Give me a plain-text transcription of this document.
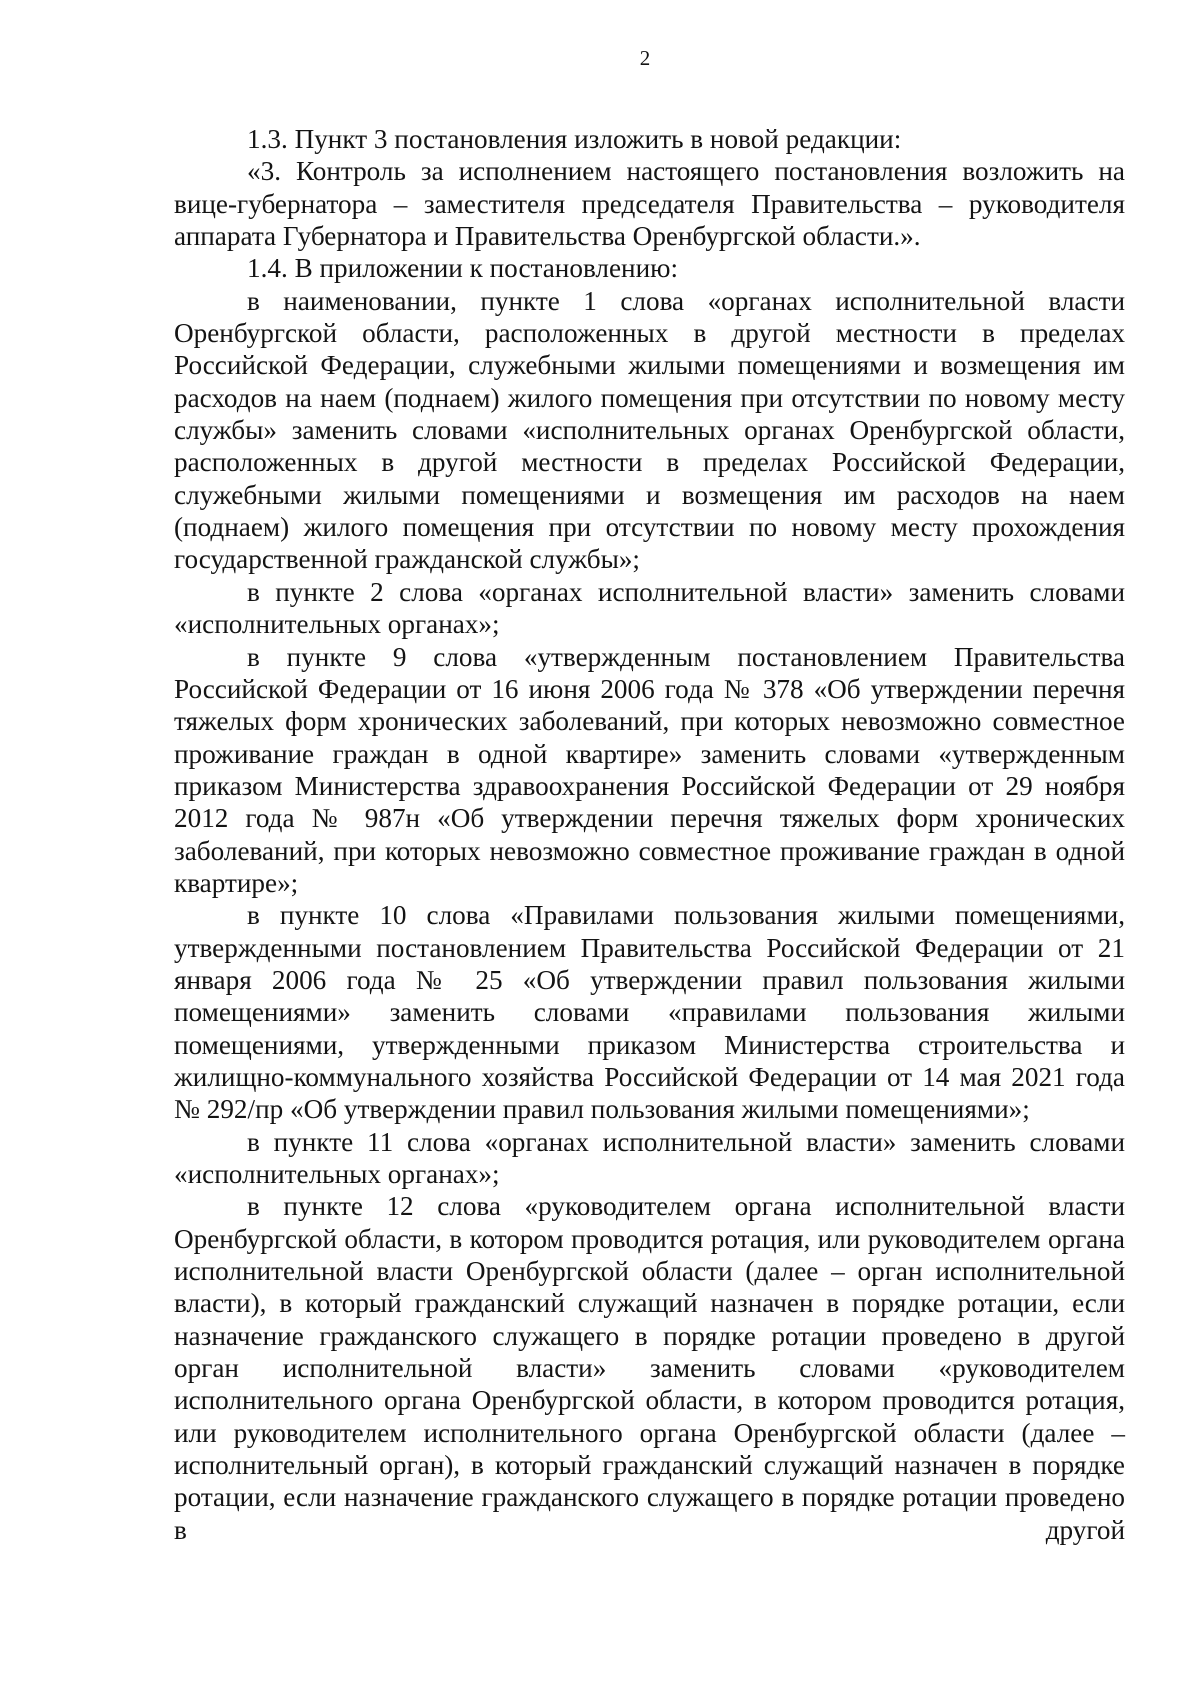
2

1.3. Пункт 3 постановления изложить в новой редакции:

«3. Контроль за исполнением настоящего постановления возложить на вице-губернатора – заместителя председателя Правительства – руководителя аппарата Губернатора и Правительства Оренбургской области.».

1.4. В приложении к постановлению:

в наименовании, пункте 1 слова «органах исполнительной власти Оренбургской области, расположенных в другой местности в пределах Российской Федерации, служебными жилыми помещениями и возмещения им расходов на наем (поднаем) жилого помещения при отсутствии по новому месту службы» заменить словами «исполнительных органах Оренбургской области, расположенных в другой местности в пределах Российской Федерации, служебными жилыми помещениями и возмещения им расходов на наем (поднаем) жилого помещения при отсутствии по новому месту прохождения государственной гражданской службы»;

в пункте 2 слова «органах исполнительной власти» заменить словами «исполнительных органах»;

в пункте 9 слова «утвержденным постановлением Правительства Российской Федерации от 16 июня 2006 года № 378 «Об утверждении перечня тяжелых форм хронических заболеваний, при которых невозможно совместное проживание граждан в одной квартире» заменить словами «утвержденным приказом Министерства здравоохранения Российской Федерации от 29 ноября 2012 года № 987н «Об утверждении перечня тяжелых форм хронических заболеваний, при которых невозможно совместное проживание граждан в одной квартире»;

в пункте 10 слова «Правилами пользования жилыми помещениями, утвержденными постановлением Правительства Российской Федерации от 21 января 2006 года № 25 «Об утверждении правил пользования жилыми помещениями» заменить словами «правилами пользования жилыми помещениями, утвержденными приказом Министерства строительства и жилищно-коммунального хозяйства Российской Федерации от 14 мая 2021 года № 292/пр «Об утверждении правил пользования жилыми помещениями»;

в пункте 11 слова «органах исполнительной власти» заменить словами «исполнительных органах»;

в пункте 12 слова «руководителем органа исполнительной власти Оренбургской области, в котором проводится ротация, или руководителем органа исполнительной власти Оренбургской области (далее – орган исполнительной власти), в который гражданский служащий назначен в порядке ротации, если назначение гражданского служащего в порядке ротации проведено в другой орган исполнительной власти» заменить словами «руководителем исполнительного органа Оренбургской области, в котором проводится ротация, или руководителем исполнительного органа Оренбургской области (далее – исполнительный орган), в который гражданский служащий назначен в порядке ротации, если назначение гражданского служащего в порядке ротации проведено в другой
